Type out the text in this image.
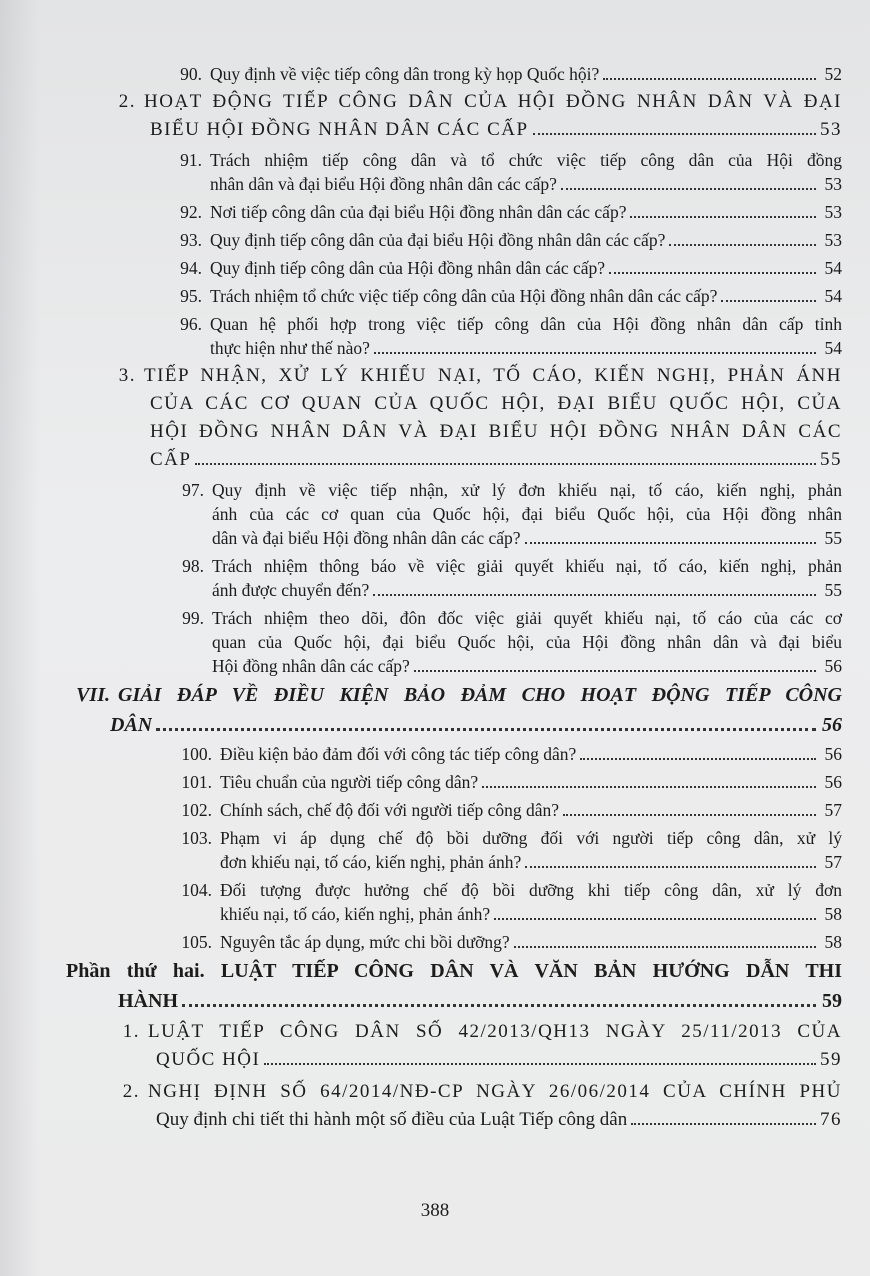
90. Quy định về việc tiếp công dân trong kỳ họp Quốc hội?	52
2. HOẠT ĐỘNG TIẾP CÔNG DÂN CỦA HỘI ĐỒNG NHÂN DÂN VÀ ĐẠI
BIỂU HỘI ĐỒNG NHÂN DÂN CÁC CẤP	53
91. Trách nhiệm tiếp công dân và tổ chức việc tiếp công dân của Hội đồng
nhân dân và đại biểu Hội đồng nhân dân các cấp?	53
92. Nơi tiếp công dân của đại biểu Hội đồng nhân dân các cấp?	53
93. Quy định tiếp công dân của đại biểu Hội đồng nhân dân các cấp?	53
94. Quy định tiếp công dân của Hội đồng nhân dân các cấp?	54
95. Trách nhiệm tổ chức việc tiếp công dân của Hội đồng nhân dân các cấp?	54
96. Quan hệ phối hợp trong việc tiếp công dân của Hội đồng nhân dân cấp tỉnh
thực hiện như thế nào?	54
3. TIẾP NHẬN, XỬ LÝ KHIẾU NẠI, TỐ CÁO, KIẾN NGHỊ, PHẢN ÁNH
CỦA CÁC CƠ QUAN CỦA QUỐC HỘI, ĐẠI BIỂU QUỐC HỘI, CỦA
HỘI ĐỒNG NHÂN DÂN VÀ ĐẠI BIỂU HỘI ĐỒNG NHÂN DÂN CÁC
CẤP	55
97. Quy định về việc tiếp nhận, xử lý đơn khiếu nại, tố cáo, kiến nghị, phản
ánh của các cơ quan của Quốc hội, đại biểu Quốc hội, của Hội đồng nhân
dân và đại biểu Hội đồng nhân dân các cấp?	55
98. Trách nhiệm thông báo về việc giải quyết khiếu nại, tố cáo, kiến nghị, phản
ánh được chuyển đến?	55
99. Trách nhiệm theo dõi, đôn đốc việc giải quyết khiếu nại, tố cáo của các cơ
quan của Quốc hội, đại biểu Quốc hội, của Hội đồng nhân dân và đại biểu
Hội đồng nhân dân các cấp?	56
VII. GIẢI ĐÁP VỀ ĐIỀU KIỆN BẢO ĐẢM CHO HOẠT ĐỘNG TIẾP CÔNG
DÂN	56
100. Điều kiện bảo đảm đối với công tác tiếp công dân?	56
101. Tiêu chuẩn của người tiếp công dân?	56
102. Chính sách, chế độ đối với người tiếp công dân?	57
103. Phạm vi áp dụng chế độ bồi dưỡng đối với người tiếp công dân, xử lý
đơn khiếu nại, tố cáo, kiến nghị, phản ánh?	57
104. Đối tượng được hưởng chế độ bồi dưỡng khi tiếp công dân, xử lý đơn
khiếu nại, tố cáo, kiến nghị, phản ánh?	58
105. Nguyên tắc áp dụng, mức chi bồi dưỡng?	58
Phần thứ hai. LUẬT TIẾP CÔNG DÂN VÀ VĂN BẢN HƯỚNG DẪN THI
HÀNH	59
1. LUẬT TIẾP CÔNG DÂN SỐ 42/2013/QH13 NGÀY 25/11/2013 CỦA
QUỐC HỘI	59
2. NGHỊ ĐỊNH SỐ 64/2014/NĐ-CP NGÀY 26/06/2014 CỦA CHÍNH PHỦ
Quy định chi tiết thi hành một số điều của Luật Tiếp công dân	76
388
